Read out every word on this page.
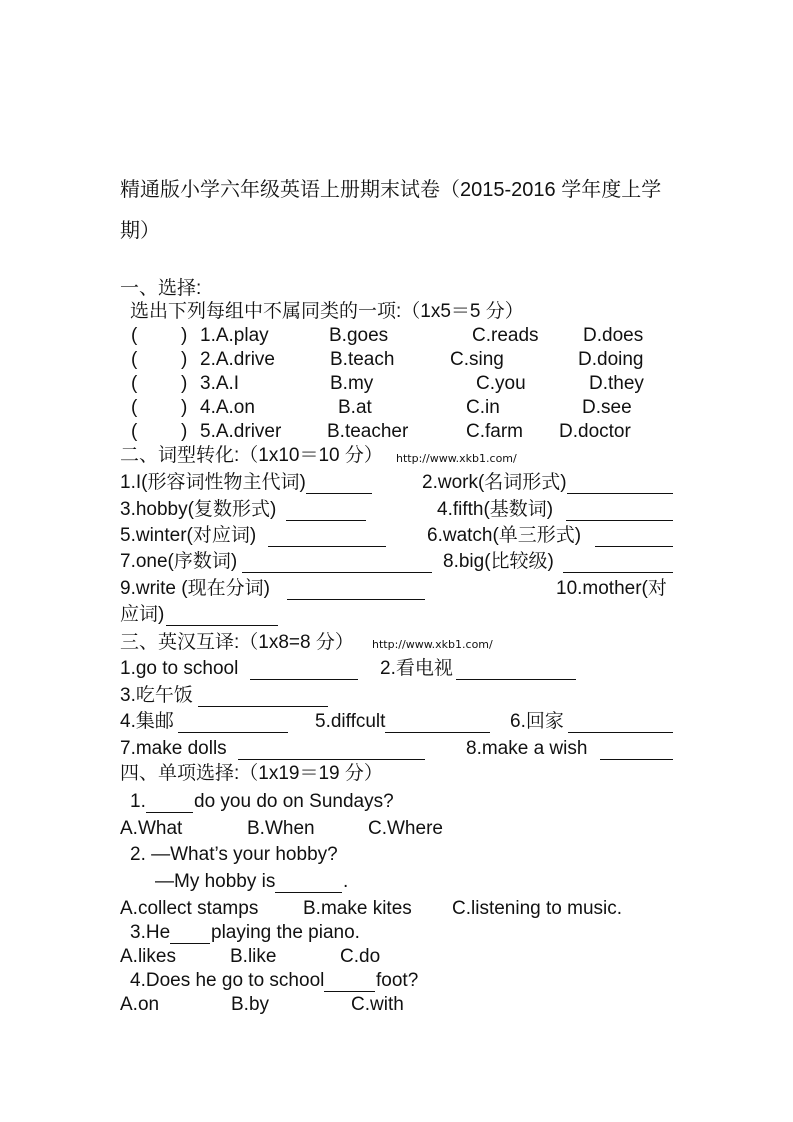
精通版小学六年级英语上册期末试卷（2015-2016 学年度上学
期）
一、选择:
选出下列每组中不属同类的一项:（1x5＝5 分）
( ) 1.A.play	B.goes	C.reads D.does
( ) 2.A.drive	B.teach	C.sing	D.doing
( ) 3.A.I	B.my	C.you	D.they
( ) 4.A.on	B.at	C.in	D.see
( ) 5.A.driver B.teacher	C.farm D.doctor
二、词型转化:（1x10＝10 分） http://www.xkb1.com/
1.I(形容词性物主代词)	2.work(名词形式)
3.hobby(复数形式)	4.fifth(基数词)
5.winter(对应词)	6.watch(单三形式)
7.one(序数词)	8.big(比较级)
9.write (现在分词)	10.mother(对
应词)
三、英汉互译:（1x8=8 分） http://www.xkb1.com/
1.go to school	2.看电视
3.吃午饭
4.集邮	5.diffcult	6.回家
7.make dolls	8.make a wish
四、单项选择:（1x19＝19 分）
1.	do you do on Sundays?
A.What	B.When	C.Where
2. —What’s your hobby?
—My hobby is	.
A.collect stamps B.make kites C.listening to music.
3.He playing the piano.
A.likes	B.like	C.do
4.Does he go to school	foot?
A.on	B.by	C.with
